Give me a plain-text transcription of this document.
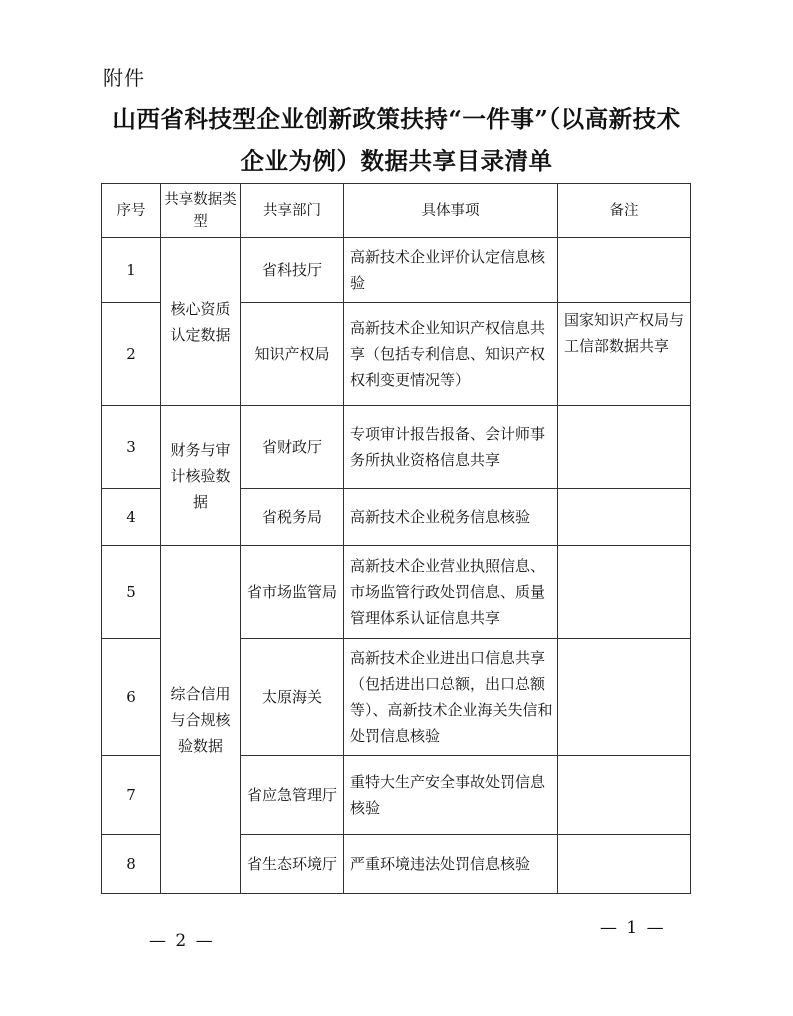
附件
山西省科技型企业创新政策扶持“一件事”（以高新技术
企业为例）数据共享目录清单
序号	共享数据类型	共享部门	具体事项	备注
1	核心资质认定数据	省科技厅	高新技术企业评价认定信息核验	
2		知识产权局	高新技术企业知识产权信息共享（包括专利信息、知识产权权利变更情况等）	国家知识产权局与工信部数据共享
3	财务与审计核验数据	省财政厅	专项审计报告报备、会计师事务所执业资格信息共享	
4		省税务局	高新技术企业税务信息核验	
5	综合信用与合规核验数据	省市场监管局	高新技术企业营业执照信息、市场监管行政处罚信息、质量管理体系认证信息共享	
6		太原海关	高新技术企业进出口信息共享（包括进出口总额，出口总额等）、高新技术企业海关失信和处罚信息核验	
7		省应急管理厅	重特大生产安全事故处罚信息核验	
8		省生态环境厅	严重环境违法处罚信息核验	
— 1 —
— 2 —
